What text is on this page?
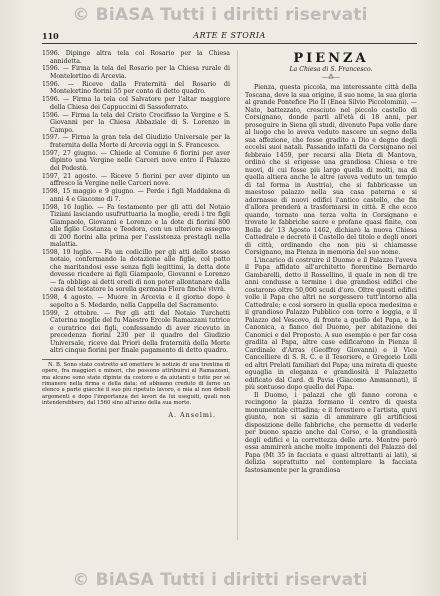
© BiASA Tutti i diritti riservati
110	ARTE E STORIA

1596. Dipinge altra tela col Rosario per la Chiesa annidetta.

1596. — Firma la tela del Rosario per la Chiesa rurale di Montelortino di Arcevia.

1596. — Riceve dalla Fraternità del Rosario di Montelortino fiorini 55 per conto di detto quadro.

1596. — Firma la tela col Salvatore per l'altar maggiore della Chiesa dei Cappuccini di Sassoferrato.

1596. — Firma la tela del Cristo Crocifisso la Vergine e S. Giovanni per la Chiesa Abbaziale di S. Lorenzo in Campo.

1597. — Firma la gran tela del Giudizio Universale per la fraternita della Morte di Arcevia oggi in S. Francesco.

1597, 27 giugno. — Chiede al Comune 6 fiorini per aver dipinto una Vergine nelle Carceri nove entro il Palazzo del Podestà.

1597, 21 agosto. — Riceve 5 fiorini per aver dipinto un affresco la Vergine nelle Carceri nove.

1598, 15 maggio e 9 giugno. — Perde i figli Maddalena di anni 4 e Giacomo di 7.

1598, 16 luglio. — Fa testamento per gli atti del Notaio Tiziani lasciando usufruttuaria la moglie, eredi i tre figli Giampaolo, Giovanni e Lorenzo e la dote di fiorini 800 alle figlie Costanza e Teodora, con un ulteriore assegno di 200 fiorini alla prima per l'assistenza prestagli nella malattia.

1598, 19 luglio. — Fa un codicillo per gli atti dello stesso notaio, confermando la dotazione alle figlie, col patto che maritandosi esse senza figli legittimi, la detta dote dovesse ricadere ai figli Giampaolo, Giovanni e Lorenzo — fa obbligo ai detti eredi di non poter allontanare dalla casa del testatore la sorella germana Flora finchè vivrà.

1598, 4 agosto. — Muore in Arcevia e il giorno dopo è sepolto a S. Medardo, nella Cappella del Sacramento.

1599, 2 ottobre. — Per gli atti del Notaio Turchetti Caterina moglie del fu Maestro Ercole Ramazzani tutrice e curatrice dei figli, confessando di aver ricevuto in precedenza fiorini 230 per il quadro del Giudizio Universale, riceve dai Priori della fraternità della Morte altri cinque fiorini per finale pagamento di detto quadro.

N. B. Sono stato costretto ad omettere le notizie di una trentina di opere, fra maggiori e minori, che possono attribuirsi al Ramazzani, ma alcune sono state dipinte da costoro e da aiutanti e tutte per sé rimanere nella firma e della data; ed abbiamo creduto di farne un elenco a parte giacché il suo più ripetuto lavoro, e mia al non deboli argomenti e dopo l'importanza dei lavori da lui eseguiti, quali non intenderebbero, dal 1560 sino all'anno della sua morte.

A. Anselmi.
PIENZA
La Chiesa di S. Francesco.
—⁂—

Pienza, questa piccola, ma interessante città della Toscana, deve la sua origine, il suo nome, la sua gloria al grande Pontefice Pio II (Enea Silvio Piccolomini). — Nato, battezzato, cresciuto nel piccolo castello di Corsignano, donde partì all'età di 18 anni, per proseguire in Siena gli studi, divenuto Papa volle dare al luogo che lo aveva veduto nascere un segno della sua affezione, che fosse gradito a Dio e degno degli eccelsi suoi natali. Passando infatti da Corsignano nel febbraio 1459, per recarsi alla Dieta di Mantova, ordinò che si erigesse una grandiosa Chiesa e tre nuovi, di cui fosse più largo quella di molti, ma di quella altiera anche le altre (aveva veduto un tempio di tal forma in Austria), che si fabbricasse un maestoso palazzo nella sua casa paterna e si adornasse di nuovi edifici l'antico castello, che fin d'allora prenderà a trasformarsi in città. E che ecco quando, tornato una terza volta in Corsignano e trovate le fabbriche sacre e profane quasi finite, con Bolla de' 13 Agosto 1462, dichiarò la nuova Chiesa Cattedrale e decretò il Castello del titolo e degli onori di città, ordinando che non più si chiamasse Corsignano, ma Pienza in memoria del suo nome.

L'incarico di costruire il Duomo e il Palazzo l'aveva il Papa affidato all'architetto fiorentino Bernardo Gambarelli, detto il Rossellino, il quale in non di tre anni condusse a termine i due grandiosi edifici che costarono oltre 50,000 scudi d'oro. Oltre questi edifici volle il Papa che altri ne sorgessero tutt'intorno alla Cattedrale; e così sorsero in quella epoca medesima e il grandioso Palazzo Pubblico con torre e loggia, e il Palazzo del Vescovo, di fronte a quello del Papa, e la Canonica, a fianco del Duomo, per abitazione dei Canonici e del Proposto. A suo esempio e per far cosa gradita al Papa, altre case edificarono in Pienza il Cardinale d'Arras (Geoffroy Giovanni) e il Vice Cancelliere di S. R. C. e il Tesoriere, e Gregorio Lolli ed altri Prelati familiari del Papa; una mirata di queste eguaglia in eleganza e grandiosità il Palazzetto edificato dal Card. di Pavia (Giacomo Ammannati), il più sontuoso dopo quello del Papa.

Il Duomo, i palazzi che gli fanno corona e recingono la piazza formano il centro di questa monumentale cittadina; e il forestiero e l'artista, quivi giunto, non si sazia di ammirare gli artificiosi disposizione delle fabbriche, che permette di vederle per buono spazio anche dal Corso, e la grandiosità degli edifici e la correttezza delle arte. Mentre però essa ammirerà anche molte imponenti del Palazzo del Papa (Mt 35 in facciata e quasi altrettanti ai lati), si delizia soprattutto nel contemplare la facciata fastosamente per la grandiosa

© BiASA Tutti i diritti riservati
